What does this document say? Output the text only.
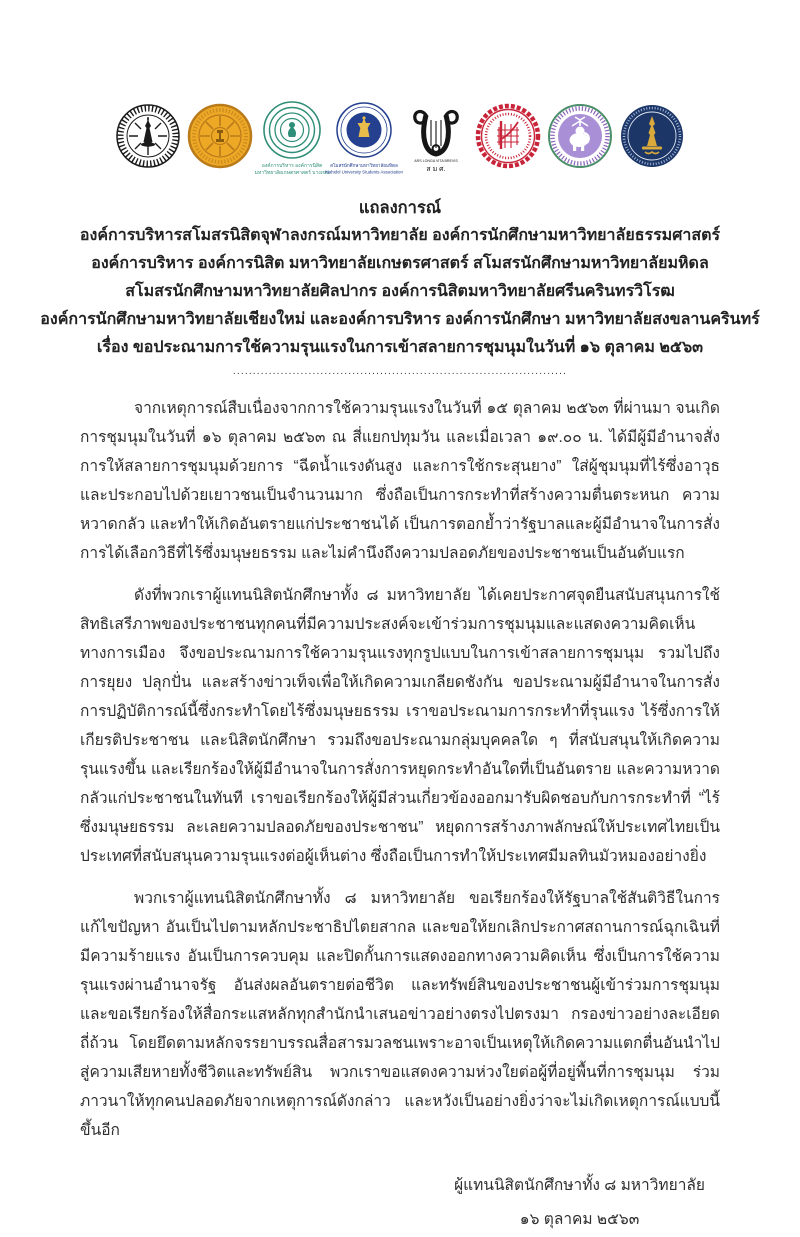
องค์การบริหาร องค์การนิสิต
มหาวิทยาลัยเกษตรศาสตร์ บางเขน
สโมสรนักศึกษามหาวิทยาลัยมหิดล
Mahidol University Students Association
ARS LONGA VITA BREVIS
ส ม ศ.
แถลงการณ์
องค์การบริหารสโมสรนิสิตจุฬาลงกรณ์มหาวิทยาลัย องค์การนักศึกษามหาวิทยาลัยธรรมศาสตร์
องค์การบริหาร องค์การนิสิต มหาวิทยาลัยเกษตรศาสตร์ สโมสรนักศึกษามหาวิทยาลัยมหิดล
สโมสรนักศึกษามหาวิทยาลัยศิลปากร องค์การนิสิตมหาวิทยาลัยศรีนครินทรวิโรฒ
องค์การนักศึกษามหาวิทยาลัยเชียงใหม่ และองค์การบริหาร องค์การนักศึกษา มหาวิทยาลัยสงขลานครินทร์
เรื่อง ขอประณามการใช้ความรุนแรงในการเข้าสลายการชุมนุมในวันที่ ๑๖ ตุลาคม ๒๕๖๓
....................................................................................

จากเหตุการณ์สืบเนื่องจากการใช้ความรุนแรงในวันที่ ๑๕ ตุลาคม ๒๕๖๓ ที่ผ่านมา จนเกิดการชุมนุมในวันที่ ๑๖ ตุลาคม ๒๕๖๓ ณ สี่แยกปทุมวัน และเมื่อเวลา ๑๙.๐๐ น. ได้มีผู้มีอำนาจสั่งการให้สลายการชุมนุมด้วยการ “ฉีดน้ำแรงดันสูง และการใช้กระสุนยาง” ใส่ผู้ชุมนุมที่ไร้ซึ่งอาวุธ และประกอบไปด้วยเยาวชนเป็นจำนวนมาก ซึ่งถือเป็นการกระทำที่สร้างความตื่นตระหนก ความหวาดกลัว และทำให้เกิดอันตรายแก่ประชาชนได้ เป็นการตอกย้ำว่ารัฐบาลและผู้มีอำนาจในการสั่งการได้เลือกวิธีที่ไร้ซึ่งมนุษยธรรม และไม่คำนึงถึงความปลอดภัยของประชาชนเป็นอันดับแรก

ดังที่พวกเราผู้แทนนิสิตนักศึกษาทั้ง ๘ มหาวิทยาลัย ได้เคยประกาศจุดยืนสนับสนุนการใช้สิทธิเสรีภาพของประชาชนทุกคนที่มีความประสงค์จะเข้าร่วมการชุมนุมและแสดงความคิดเห็นทางการเมือง จึงขอประณามการใช้ความรุนแรงทุกรูปแบบในการเข้าสลายการชุมนุม รวมไปถึงการยุยง ปลุกปั่น และสร้างข่าวเท็จเพื่อให้เกิดความเกลียดชังกัน ขอประณามผู้มีอำนาจในการสั่งการปฏิบัติการณ์นี้ซึ่งกระทำโดยไร้ซึ่งมนุษยธรรม เราขอประณามการกระทำที่รุนแรง ไร้ซึ่งการให้เกียรติประชาชน และนิสิตนักศึกษา รวมถึงขอประณามกลุ่มบุคคลใด ๆ ที่สนับสนุนให้เกิดความรุนแรงขึ้น และเรียกร้องให้ผู้มีอำนาจในการสั่งการหยุดกระทำอันใดที่เป็นอันตราย และความหวาดกลัวแก่ประชาชนในทันที เราขอเรียกร้องให้ผู้มีส่วนเกี่ยวข้องออกมารับผิดชอบกับการกระทำที่ “ไร้ซึ่งมนุษยธรรม ละเลยความปลอดภัยของประชาชน” หยุดการสร้างภาพลักษณ์ให้ประเทศไทยเป็นประเทศที่สนับสนุนความรุนแรงต่อผู้เห็นต่าง ซึ่งถือเป็นการทำให้ประเทศมีมลทินมัวหมองอย่างยิ่ง

พวกเราผู้แทนนิสิตนักศึกษาทั้ง ๘ มหาวิทยาลัย ขอเรียกร้องให้รัฐบาลใช้สันติวิธีในการแก้ไขปัญหา อันเป็นไปตามหลักประชาธิปไตยสากล และขอให้ยกเลิกประกาศสถานการณ์ฉุกเฉินที่มีความร้ายแรง อันเป็นการควบคุม และปิดกั้นการแสดงออกทางความคิดเห็น ซึ่งเป็นการใช้ความรุนแรงผ่านอำนาจรัฐ อันส่งผลอันตรายต่อชีวิต และทรัพย์สินของประชาชนผู้เข้าร่วมการชุมนุม และขอเรียกร้องให้สื่อกระแสหลักทุกสำนักนำเสนอข่าวอย่างตรงไปตรงมา กรองข่าวอย่างละเอียดถี่ถ้วน โดยยึดตามหลักจรรยาบรรณสื่อสารมวลชนเพราะอาจเป็นเหตุให้เกิดความแตกตื่นอันนำไปสู่ความเสียหายทั้งชีวิตและทรัพย์สิน พวกเราขอแสดงความห่วงใยต่อผู้ที่อยู่พื้นที่การชุมนุม ร่วมภาวนาให้ทุกคนปลอดภัยจากเหตุการณ์ดังกล่าว และหวังเป็นอย่างยิ่งว่าจะไม่เกิดเหตุการณ์แบบนี้ขึ้นอีก

ผู้แทนนิสิตนักศึกษาทั้ง ๘ มหาวิทยาลัย
๑๖ ตุลาคม ๒๕๖๓
